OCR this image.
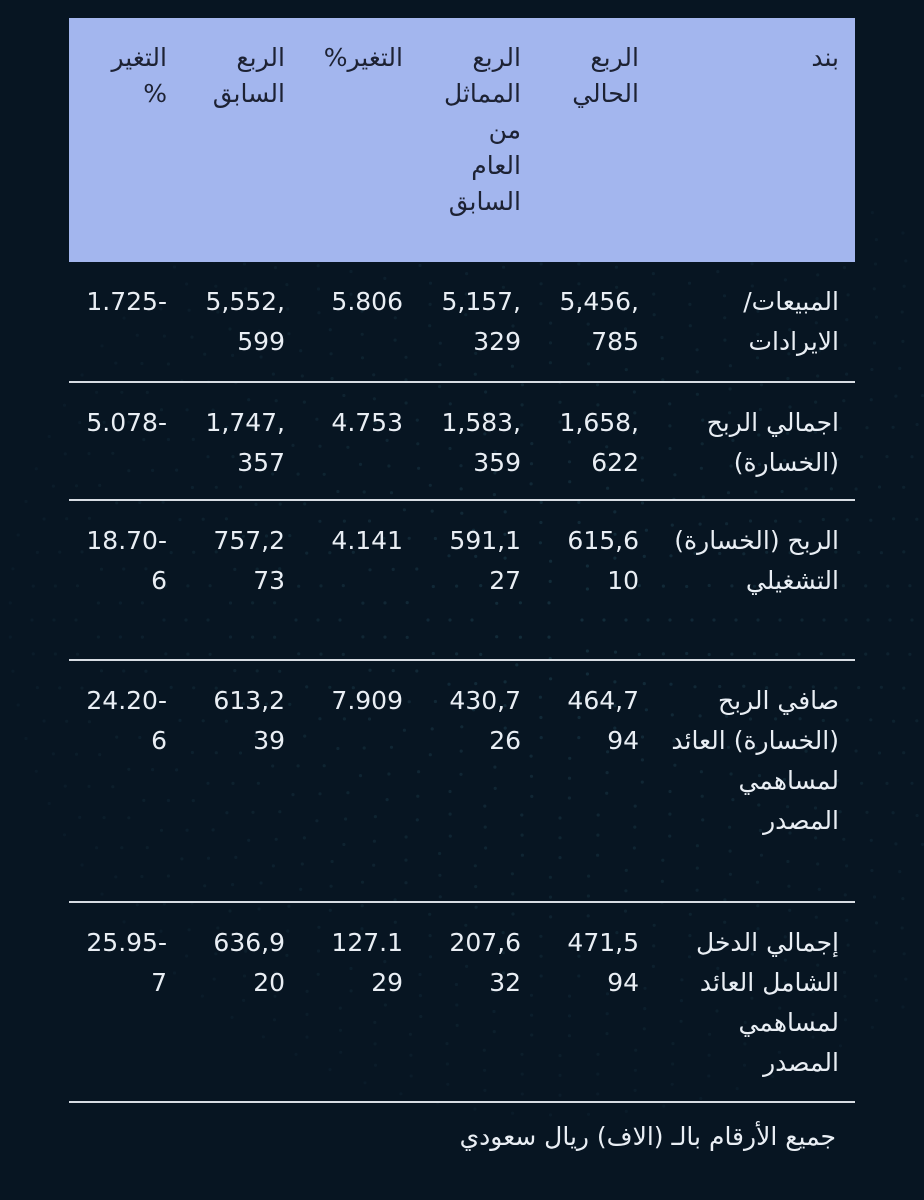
بند	الربع الحالي	الربع المماثل من العام السابق	التغير%	الربع السابق	التغير %
المبيعات/ الايرادات	5,456,785	5,157,329	5.806	5,552,599	-1.725
اجمالي الربح (الخسارة)	1,658,622	1,583,359	4.753	1,747,357	-5.078
الربح (الخسارة) التشغيلي	615,610	591,127	4.141	757,273	-18.706
صافي الربح (الخسارة) العائد لمساهمي المصدر	464,794	430,726	7.909	613,239	-24.206
إجمالي الدخل الشامل العائد لمساهمي المصدر	471,594	207,632	127.129	636,920	-25.957
جميع الأرقام بالـ (الاف) ريال سعودي
